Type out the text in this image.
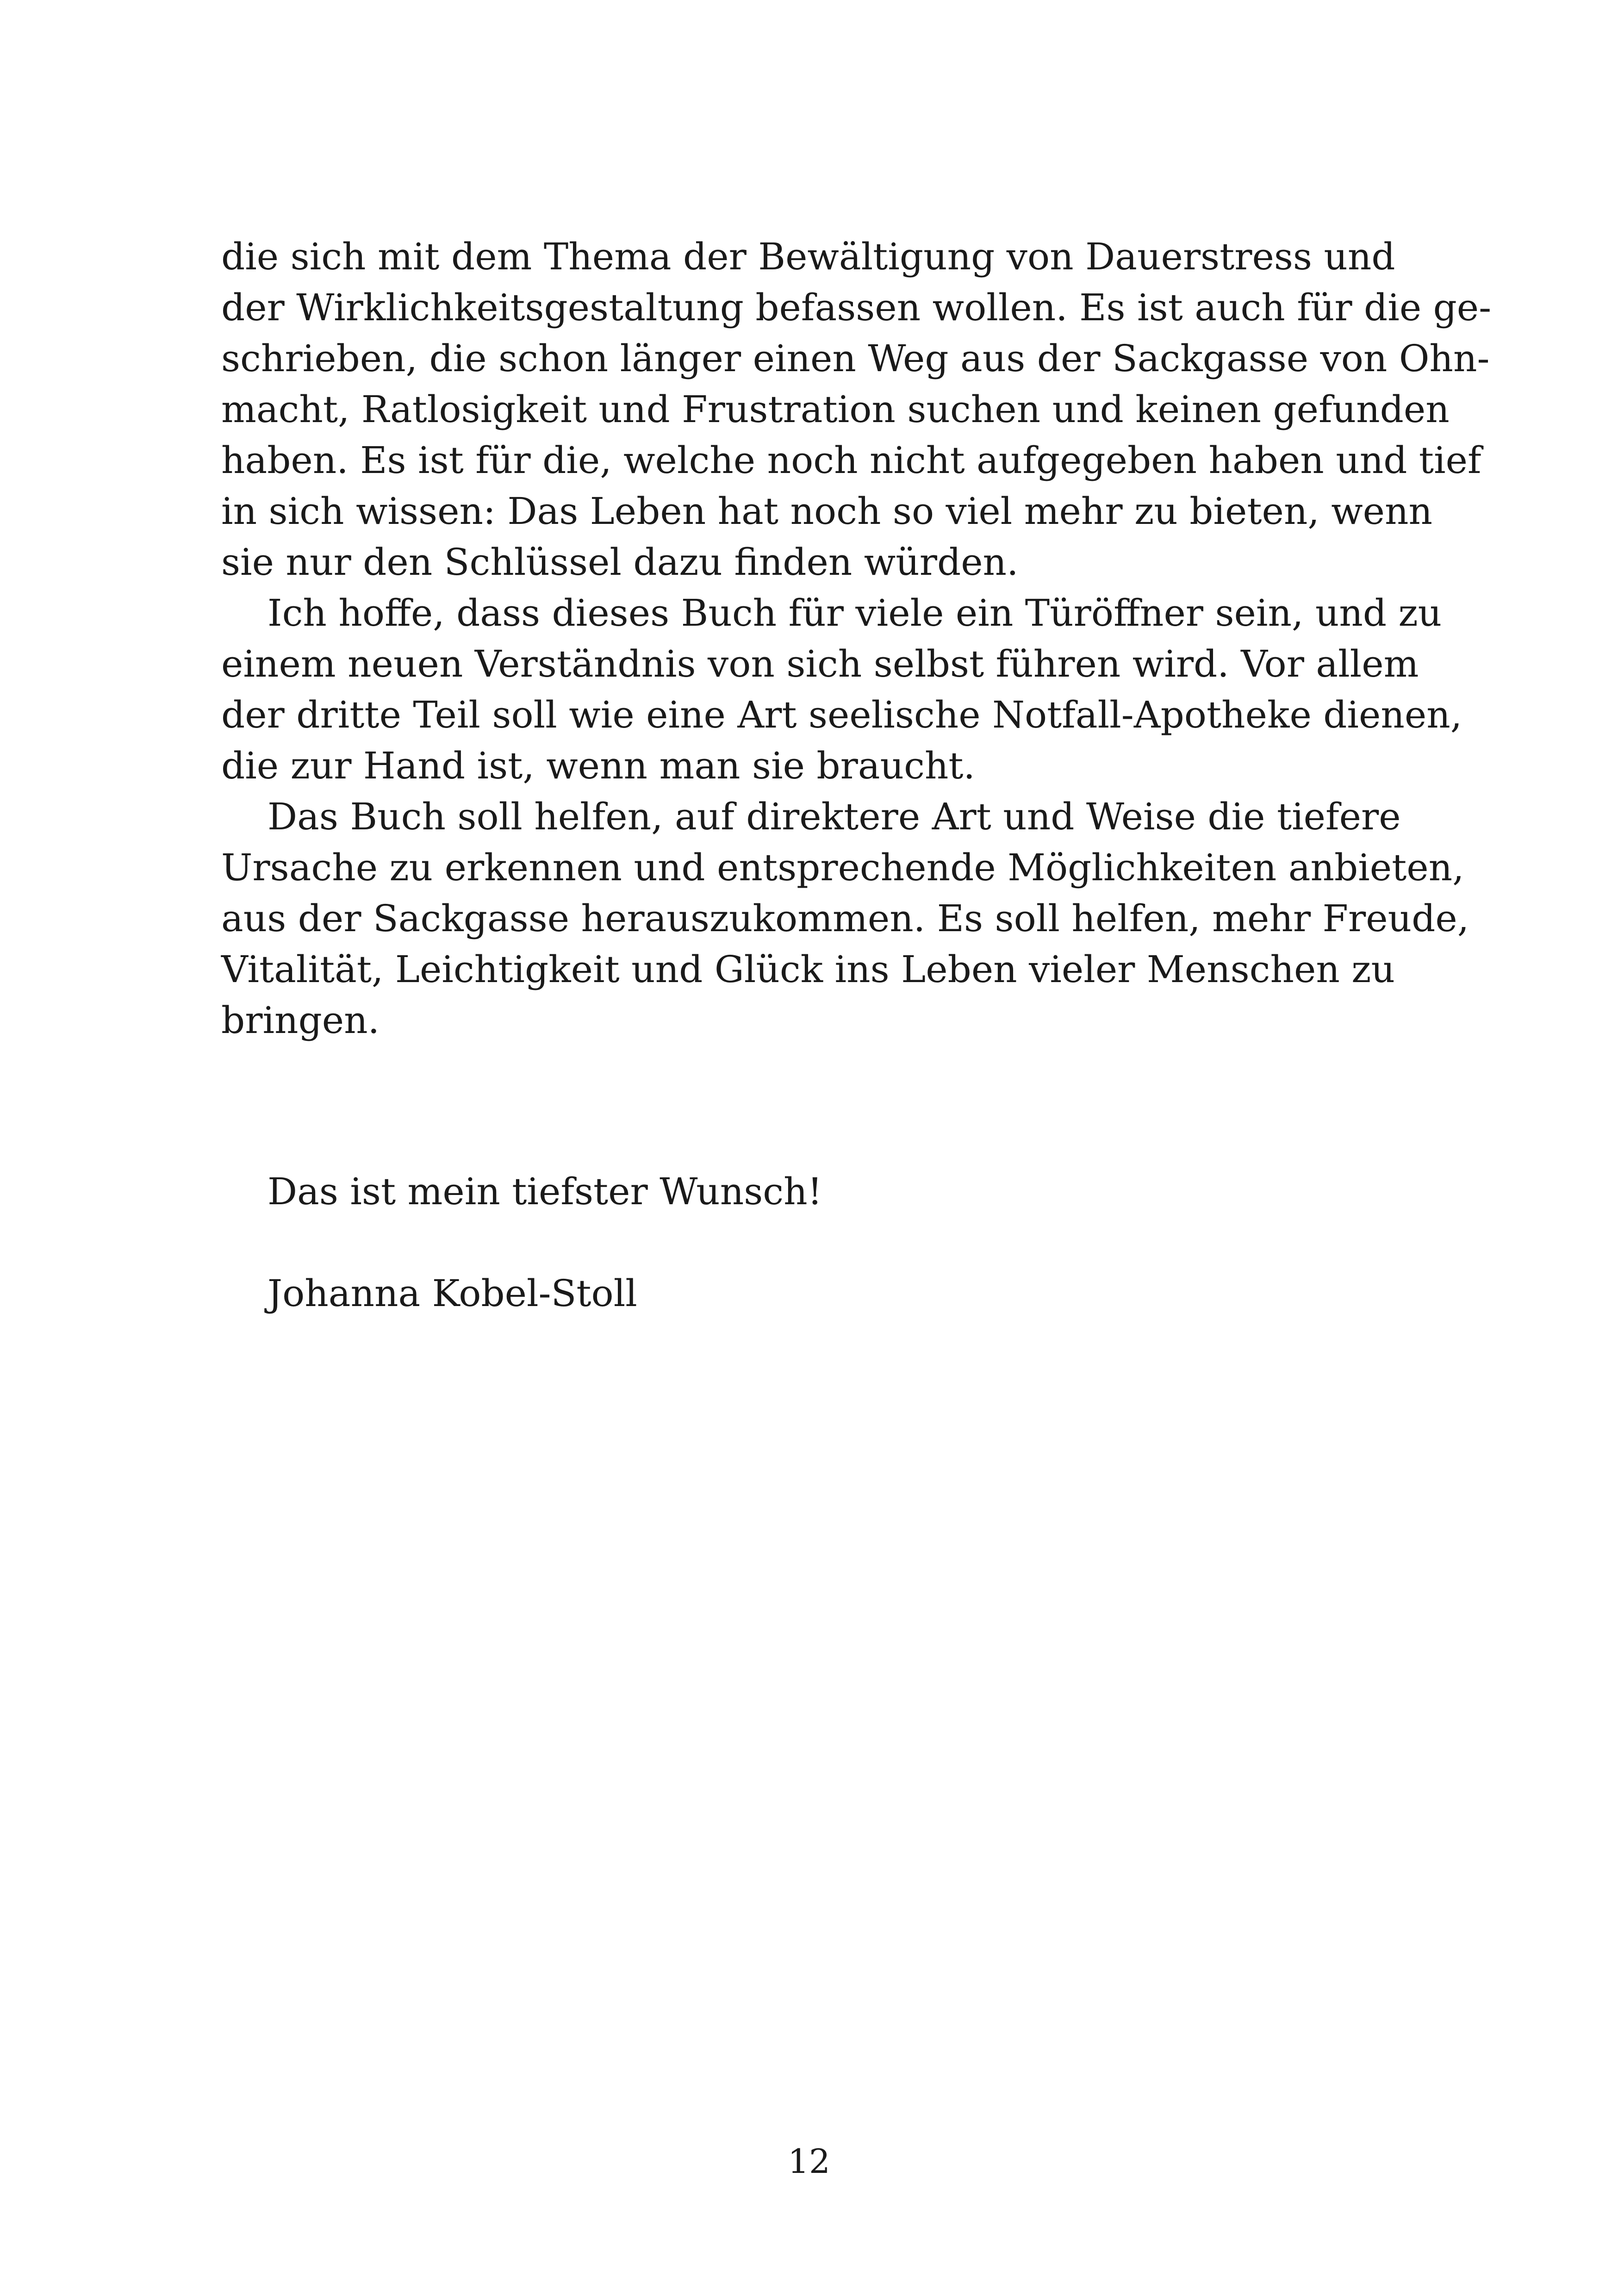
die sich mit dem Thema der Bewältigung von Dauerstress und
der Wirklichkeitsgestaltung befassen wollen. Es ist auch für die ge-
schrieben, die schon länger einen Weg aus der Sackgasse von Ohn-
macht, Ratlosigkeit und Frustration suchen und keinen gefunden
haben. Es ist für die, welche noch nicht aufgegeben haben und tief
in sich wissen: Das Leben hat noch so viel mehr zu bieten, wenn
sie nur den Schlüssel dazu finden würden.
Ich hoffe, dass dieses Buch für viele ein Türöffner sein, und zu
einem neuen Verständnis von sich selbst führen wird. Vor allem
der dritte Teil soll wie eine Art seelische Notfall-Apotheke dienen,
die zur Hand ist, wenn man sie braucht.
Das Buch soll helfen, auf direktere Art und Weise die tiefere
Ursache zu erkennen und entsprechende Möglichkeiten anbieten,
aus der Sackgasse herauszukommen. Es soll helfen, mehr Freude,
Vitalität, Leichtigkeit und Glück ins Leben vieler Menschen zu
bringen.
Das ist mein tiefster Wunsch!
Johanna Kobel-Stoll
12
